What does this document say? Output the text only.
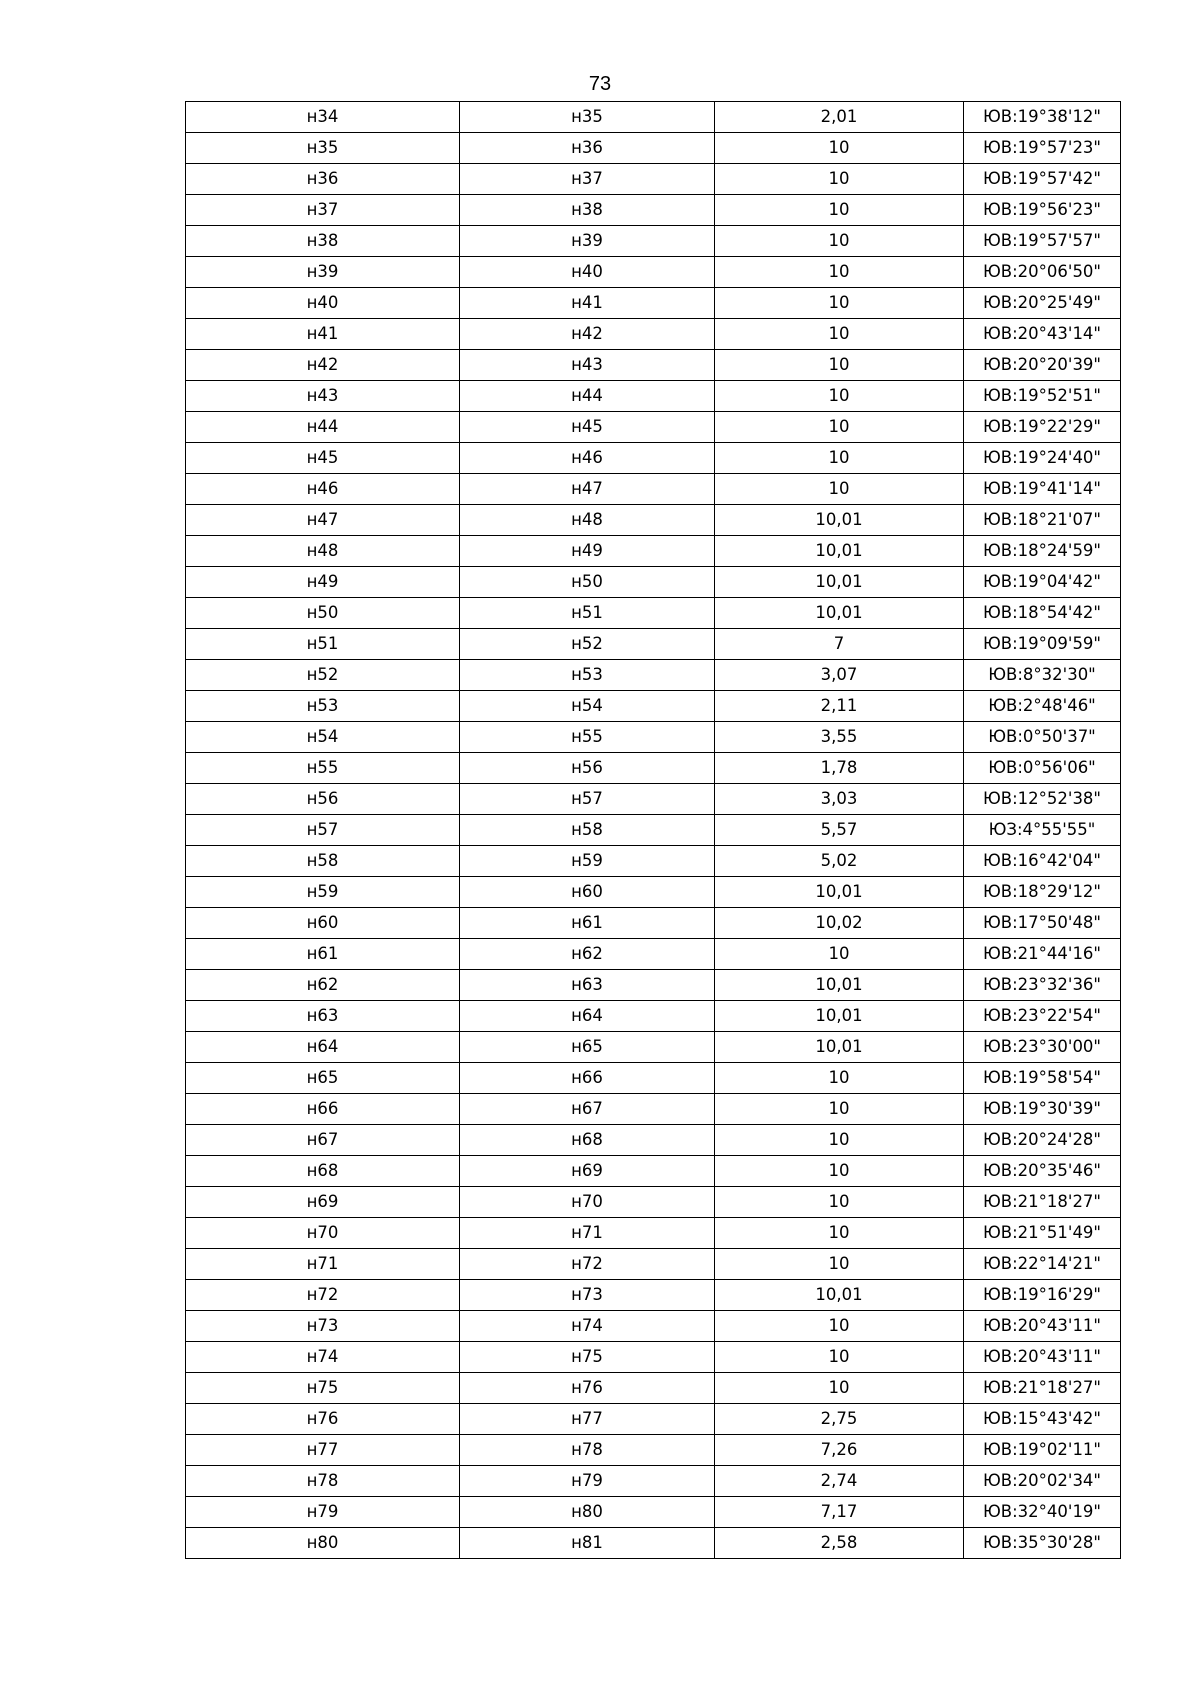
73
н34	н35	2,01	ЮВ:19°38'12"
н35	н36	10	ЮВ:19°57'23"
н36	н37	10	ЮВ:19°57'42"
н37	н38	10	ЮВ:19°56'23"
н38	н39	10	ЮВ:19°57'57"
н39	н40	10	ЮВ:20°06'50"
н40	н41	10	ЮВ:20°25'49"
н41	н42	10	ЮВ:20°43'14"
н42	н43	10	ЮВ:20°20'39"
н43	н44	10	ЮВ:19°52'51"
н44	н45	10	ЮВ:19°22'29"
н45	н46	10	ЮВ:19°24'40"
н46	н47	10	ЮВ:19°41'14"
н47	н48	10,01	ЮВ:18°21'07"
н48	н49	10,01	ЮВ:18°24'59"
н49	н50	10,01	ЮВ:19°04'42"
н50	н51	10,01	ЮВ:18°54'42"
н51	н52	7	ЮВ:19°09'59"
н52	н53	3,07	ЮВ:8°32'30"
н53	н54	2,11	ЮВ:2°48'46"
н54	н55	3,55	ЮВ:0°50'37"
н55	н56	1,78	ЮВ:0°56'06"
н56	н57	3,03	ЮВ:12°52'38"
н57	н58	5,57	ЮЗ:4°55'55"
н58	н59	5,02	ЮВ:16°42'04"
н59	н60	10,01	ЮВ:18°29'12"
н60	н61	10,02	ЮВ:17°50'48"
н61	н62	10	ЮВ:21°44'16"
н62	н63	10,01	ЮВ:23°32'36"
н63	н64	10,01	ЮВ:23°22'54"
н64	н65	10,01	ЮВ:23°30'00"
н65	н66	10	ЮВ:19°58'54"
н66	н67	10	ЮВ:19°30'39"
н67	н68	10	ЮВ:20°24'28"
н68	н69	10	ЮВ:20°35'46"
н69	н70	10	ЮВ:21°18'27"
н70	н71	10	ЮВ:21°51'49"
н71	н72	10	ЮВ:22°14'21"
н72	н73	10,01	ЮВ:19°16'29"
н73	н74	10	ЮВ:20°43'11"
н74	н75	10	ЮВ:20°43'11"
н75	н76	10	ЮВ:21°18'27"
н76	н77	2,75	ЮВ:15°43'42"
н77	н78	7,26	ЮВ:19°02'11"
н78	н79	2,74	ЮВ:20°02'34"
н79	н80	7,17	ЮВ:32°40'19"
н80	н81	2,58	ЮВ:35°30'28"
